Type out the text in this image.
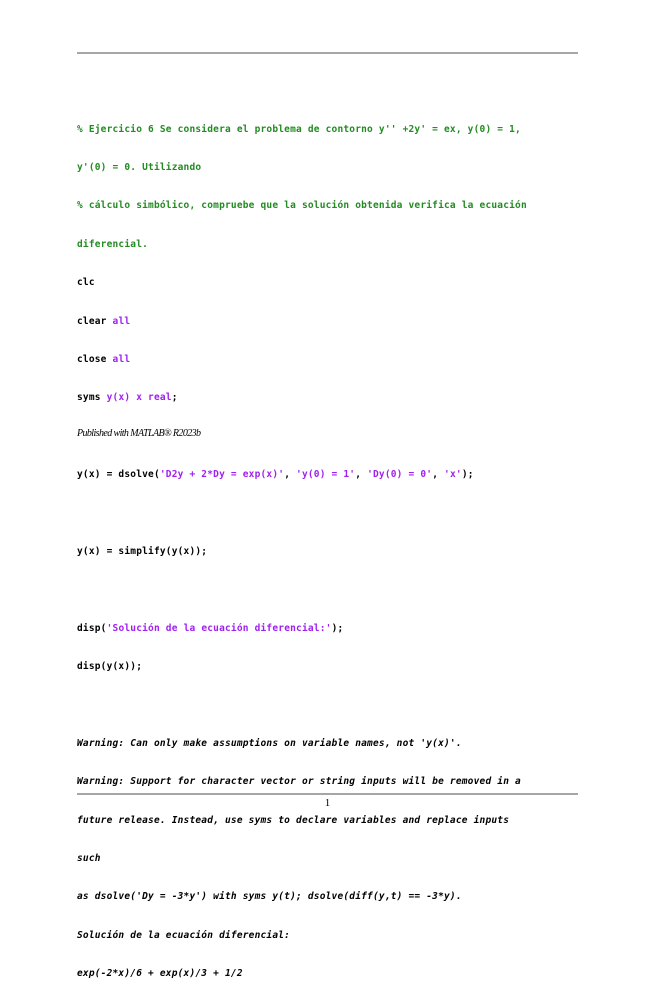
% Ejercicio 6 Se considera el problema de contorno y'' +2y' = ex, y(0) = 1,

y'(0) = 0. Utilizando

% cálculo simbólico, compruebe que la solución obtenida verifica la ecuación

diferencial.

clc

clear all

close all

syms y(x) x real;

y(x) = dsolve('D2y + 2*Dy = exp(x)', 'y(0) = 1', 'Dy(0) = 0', 'x');

y(x) = simplify(y(x));

disp('Solución de la ecuación diferencial:');

disp(y(x));

Warning: Can only make assumptions on variable names, not 'y(x)'.

Warning: Support for character vector or string inputs will be removed in a

future release. Instead, use syms to declare variables and replace inputs

such

as dsolve('Dy = -3*y') with syms y(t); dsolve(diff(y,t) == -3*y).

Solución de la ecuación diferencial:

exp(-2*x)/6 + exp(x)/3 + 1/2

Published with MATLAB® R2023b
1
